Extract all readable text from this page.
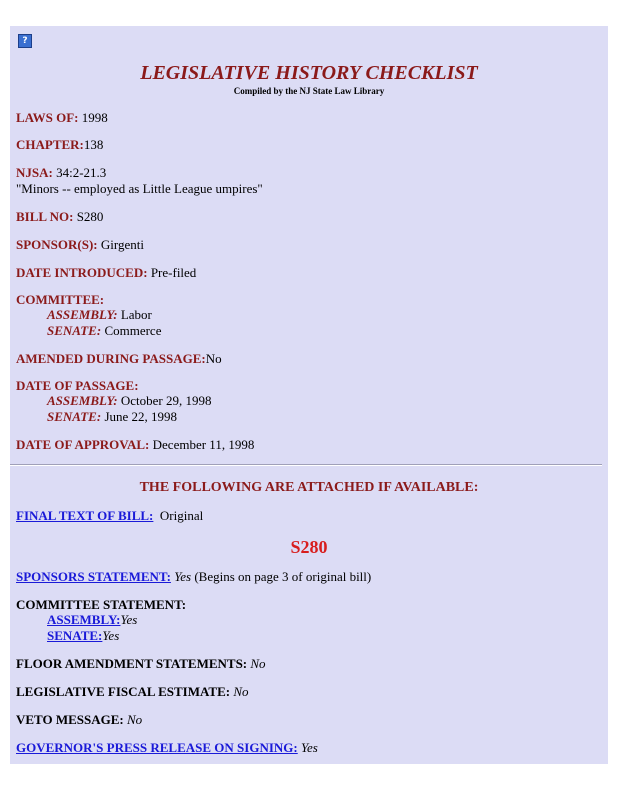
?
LEGISLATIVE HISTORY CHECKLIST
Compiled by the NJ State Law Library
LAWS OF: 1998
CHAPTER:138
NJSA: 34:2-21.3
"Minors -- employed as Little League umpires"
BILL NO: S280
SPONSOR(S): Girgenti
DATE INTRODUCED: Pre-filed
COMMITTEE:
ASSEMBLY: Labor
SENATE: Commerce
AMENDED DURING PASSAGE:No
DATE OF PASSAGE:
ASSEMBLY: October 29, 1998
SENATE: June 22, 1998
DATE OF APPROVAL: December 11, 1998
THE FOLLOWING ARE ATTACHED IF AVAILABLE:
FINAL TEXT OF BILL: Original
S280
SPONSORS STATEMENT: Yes (Begins on page 3 of original bill)
COMMITTEE STATEMENT:
ASSEMBLY:Yes
SENATE:Yes
FLOOR AMENDMENT STATEMENTS: No
LEGISLATIVE FISCAL ESTIMATE: No
VETO MESSAGE: No
GOVERNOR'S PRESS RELEASE ON SIGNING: Yes
